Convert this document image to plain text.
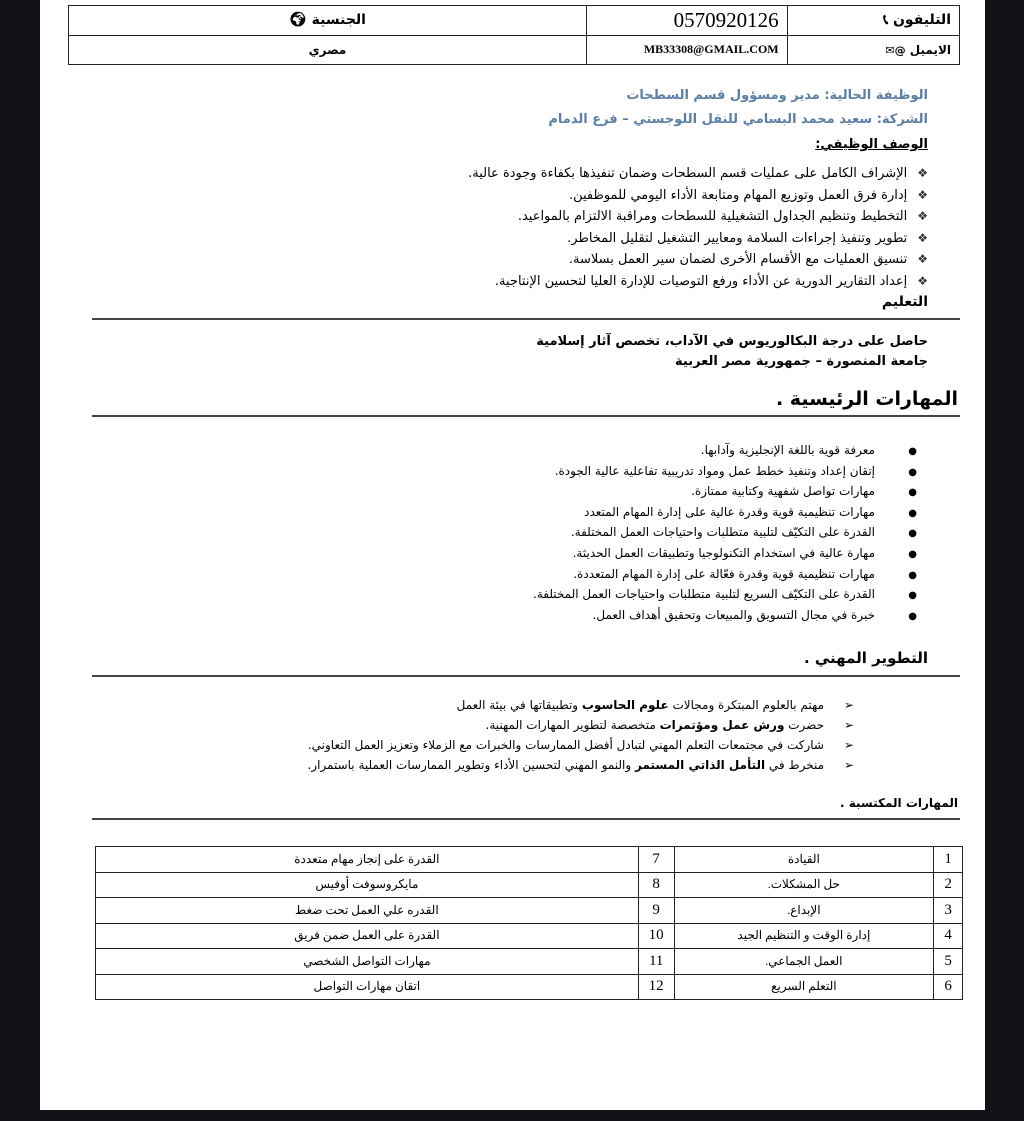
الجنسية 🌍︎	0570920126	التليفون 📞︎
مصري	MB33308@GMAIL.COM	الايميل @✉︎
الوظيفة الحالية: مدير ومسؤول قسم السطحات
الشركة: سعيد محمد البسامي للنقل اللوجستي – فرع الدمام
الوصف الوظيفي:
❖الإشراف الكامل على عمليات قسم السطحات وضمان تنفيذها بكفاءة وجودة عالية.
❖إدارة فرق العمل وتوزيع المهام ومتابعة الأداء اليومي للموظفين.
❖التخطيط وتنظيم الجداول التشغيلية للسطحات ومراقبة الالتزام بالمواعيد.
❖تطوير وتنفيذ إجراءات السلامة ومعايير التشغيل لتقليل المخاطر.
❖تنسيق العمليات مع الأقسام الأخرى لضمان سير العمل بسلاسة.
❖إعداد التقارير الدورية عن الأداء ورفع التوصيات للإدارة العليا لتحسين الإنتاجية.
التعليم
حاصل على درجة البكالوريوس في الآداب، تخصص آثار إسلامية
جامعة المنصورة – جمهورية مصر العربية
المهارات الرئيسية .
●معرفة قوية باللغة الإنجليزية وآدابها.
●إتقان إعداد وتنفيذ خطط عمل ومواد تدريبية تفاعلية عالية الجودة.
●مهارات تواصل شفهية وكتابية ممتازة.
●مهارات تنظيمية قوية وقدرة عالية على إدارة المهام المتعدد
●القدرة على التكيّف لتلبية متطلبات واحتياجات العمل المختلفة.
●مهارة عالية في استخدام التكنولوجيا وتطبيقات العمل الحديثة.
●مهارات تنظيمية قوية وقدرة فعّالة على إدارة المهام المتعددة.
●القدرة على التكيّف السريع لتلبية متطلبات واحتياجات العمل المختلفة.
●خبرة في مجال التسويق والمبيعات وتحقيق أهداف العمل.
التطوير المهني .
➢مهتم بالعلوم المبتكرة ومجالات علوم الحاسوب وتطبيقاتها في بيئة العمل
➢حضرت ورش عمل ومؤتمرات متخصصة لتطوير المهارات المهنية.
➢شاركت في مجتمعات التعلم المهني لتبادل أفضل الممارسات والخبرات مع الزملاء وتعزيز العمل التعاوني.
➢منخرط في التأمل الذاتي المستمر والنمو المهني لتحسين الأداء وتطوير الممارسات العملية باستمرار.
المهارات المكتسبة .
1	القيادة	7	القدرة على إنجاز مهام متعددة
2	حل المشكلات.	8	مايكروسوفت أوفيس
3	الإبداع.	9	القدره علي العمل تحت ضغط
4	إدارة الوقت و التنظيم الجيد	10	القدرة على العمل ضمن فريق
5	العمل الجماعي.	11	مهارات التواصل الشخصي
6	التعلم السريع	12	اتقان مهارات التواصل
